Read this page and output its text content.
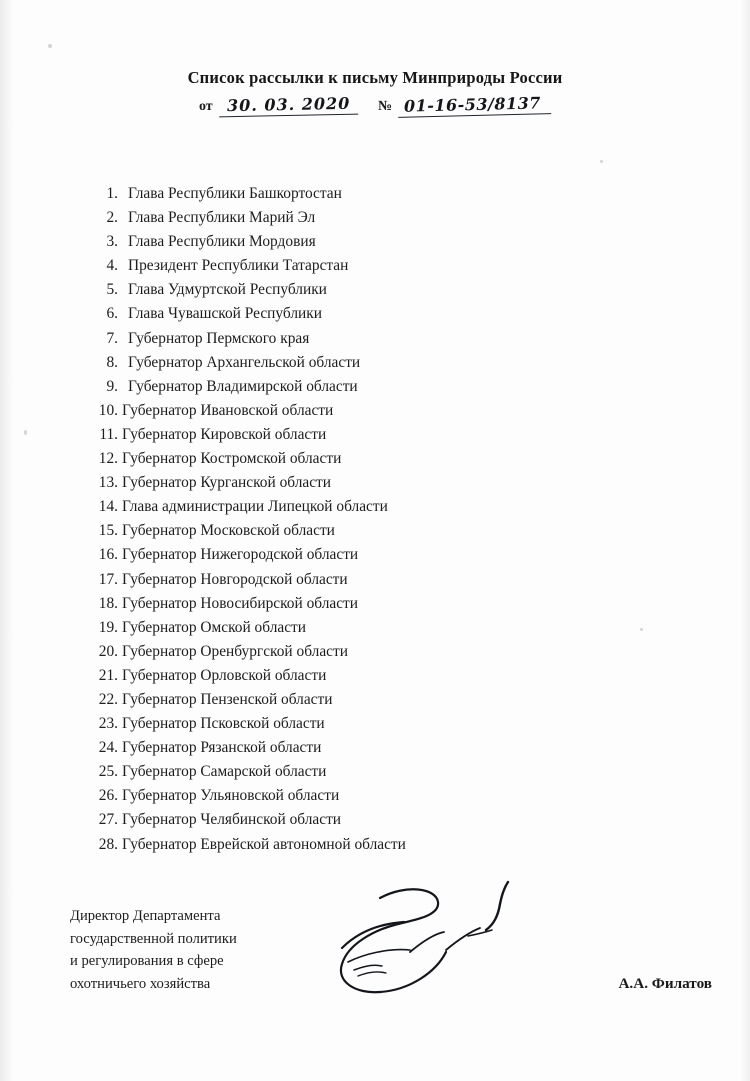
Список рассылки к письму Минприроды России
от 30. 03. 2020	№ 01-16-53/8137
1. Глава Республики Башкортостан
2. Глава Республики Марий Эл
3. Глава Республики Мордовия
4. Президент Республики Татарстан
5. Глава Удмуртской Республики
6. Глава Чувашской Республики
7. Губернатор Пермского края
8. Губернатор Архангельской области
9. Губернатор Владимирской области
10. Губернатор Ивановской области
11. Губернатор Кировской области
12. Губернатор Костромской области
13. Губернатор Курганской области
14. Глава администрации Липецкой области
15. Губернатор Московской области
16. Губернатор Нижегородской области
17. Губернатор Новгородской области
18. Губернатор Новосибирской области
19. Губернатор Омской области
20. Губернатор Оренбургской области
21. Губернатор Орловской области
22. Губернатор Пензенской области
23. Губернатор Псковской области
24. Губернатор Рязанской области
25. Губернатор Самарской области
26. Губернатор Ульяновской области
27. Губернатор Челябинской области
28. Губернатор Еврейской автономной области
Директор Департамента
государственной политики
и регулирования в сфере
охотничьего хозяйства	А.А. Филатов
